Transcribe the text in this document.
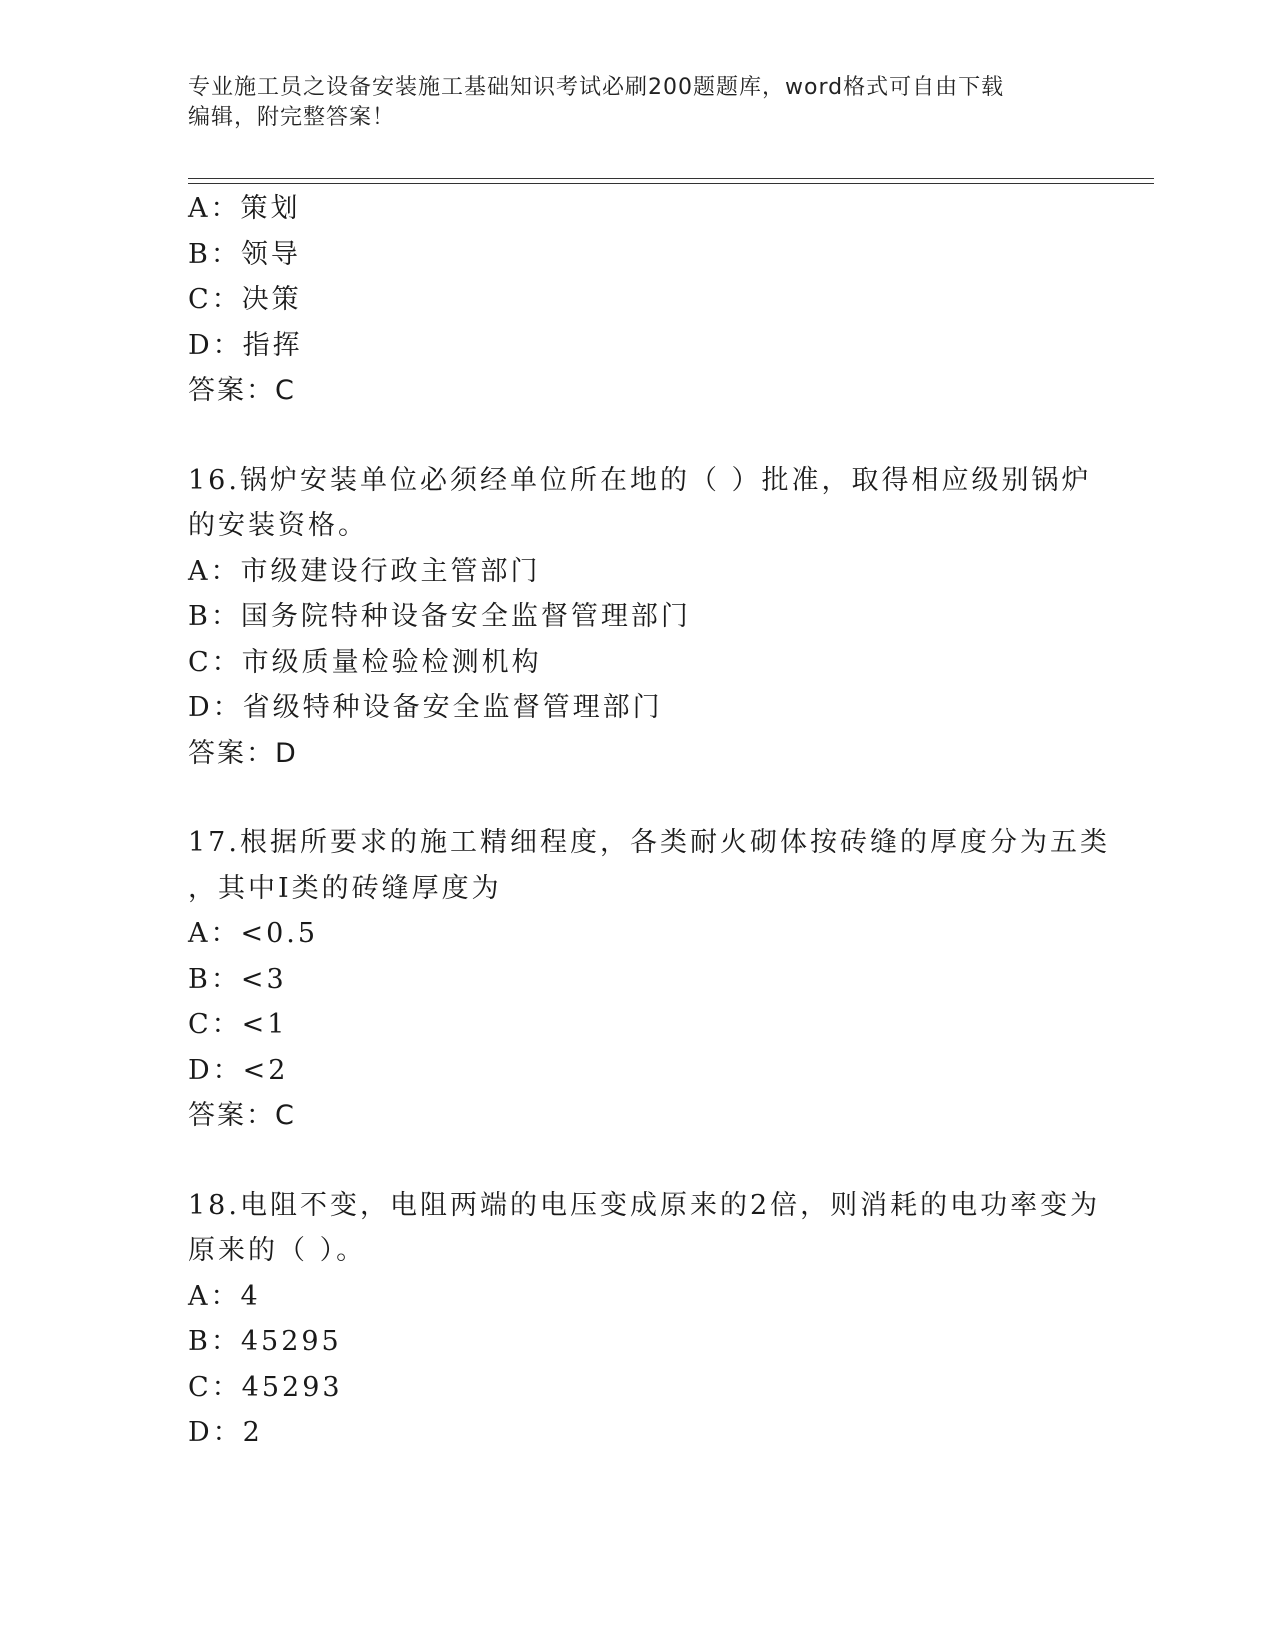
专业施工员之设备安装施工基础知识考试必刷200题题库，word格式可自由下载
编辑，附完整答案！
A：策划
B：领导
C：决策
D：指挥
答案：C
16.锅炉安装单位必须经单位所在地的（ ）批准，取得相应级别锅炉
的安装资格。
A：市级建设行政主管部门
B：国务院特种设备安全监督管理部门
C：市级质量检验检测机构
D：省级特种设备安全监督管理部门
答案：D
17.根据所要求的施工精细程度，各类耐火砌体按砖缝的厚度分为五类
，其中Ⅰ类的砖缝厚度为
A：<0.5
B：<3
C：<1
D：<2
答案：C
18.电阻不变，电阻两端的电压变成原来的2倍，则消耗的电功率变为
原来的（ ）。
A：4
B：45295
C：45293
D：2
